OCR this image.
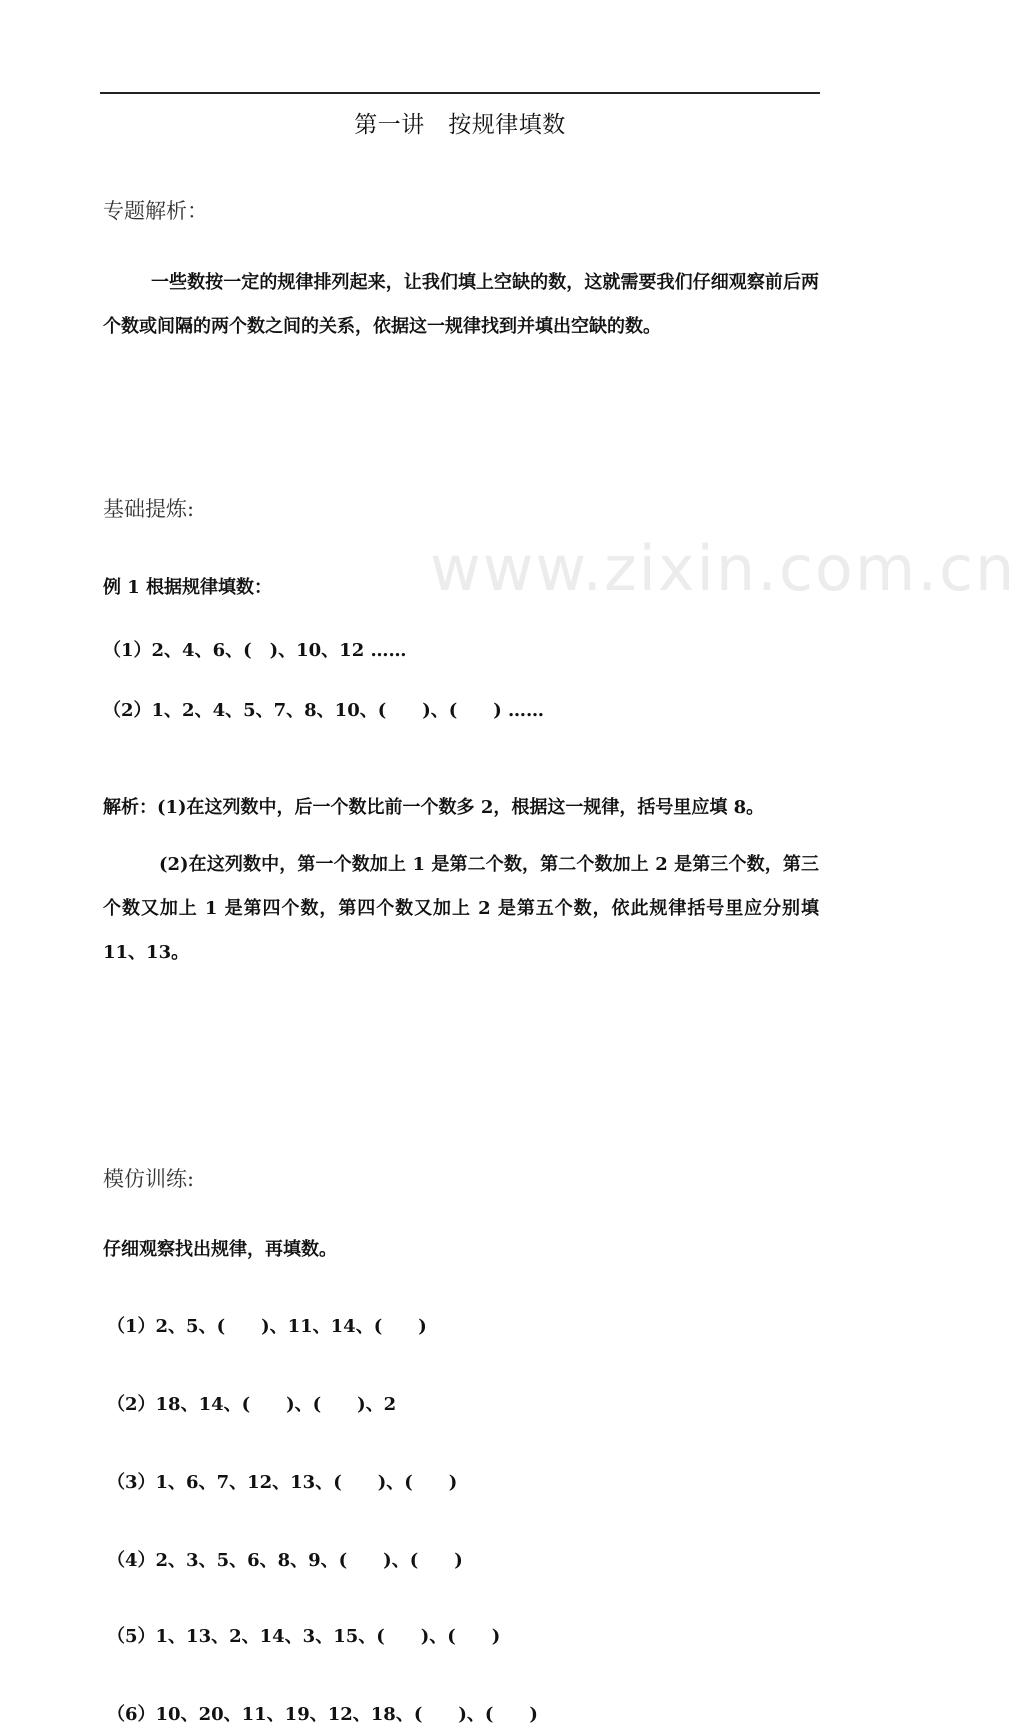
www.zixin.com.cn
第一讲　按规律填数
专题解析：
一些数按一定的规律排列起来，让我们填上空缺的数，这就需要我们仔细观察前后两个数或间隔的两个数之间的关系，依据这一规律找到并填出空缺的数。
基础提炼:
例 1 根据规律填数：
（1）2、4、6、(　)、10、12 ……
（2）1、2、4、5、7、8、10、(　　)、(　　) ……
解析：(1)在这列数中，后一个数比前一个数多 2，根据这一规律，括号里应填 8。
(2)在这列数中，第一个数加上 1 是第二个数，第二个数加上 2 是第三个数，第三个数又加上 1 是第四个数，第四个数又加上 2 是第五个数，依此规律括号里应分别填 11、13。
模仿训练:
仔细观察找出规律，再填数。
（1）2、5、(　　)、11、14、(　　)
（2）18、14、(　　)、(　　)、2
（3）1、6、7、12、13、(　　)、(　　)
（4）2、3、5、6、8、9、(　　)、(　　)
（5）1、13、2、14、3、15、(　　)、(　　)
（6）10、20、11、19、12、18、(　　)、(　　)
